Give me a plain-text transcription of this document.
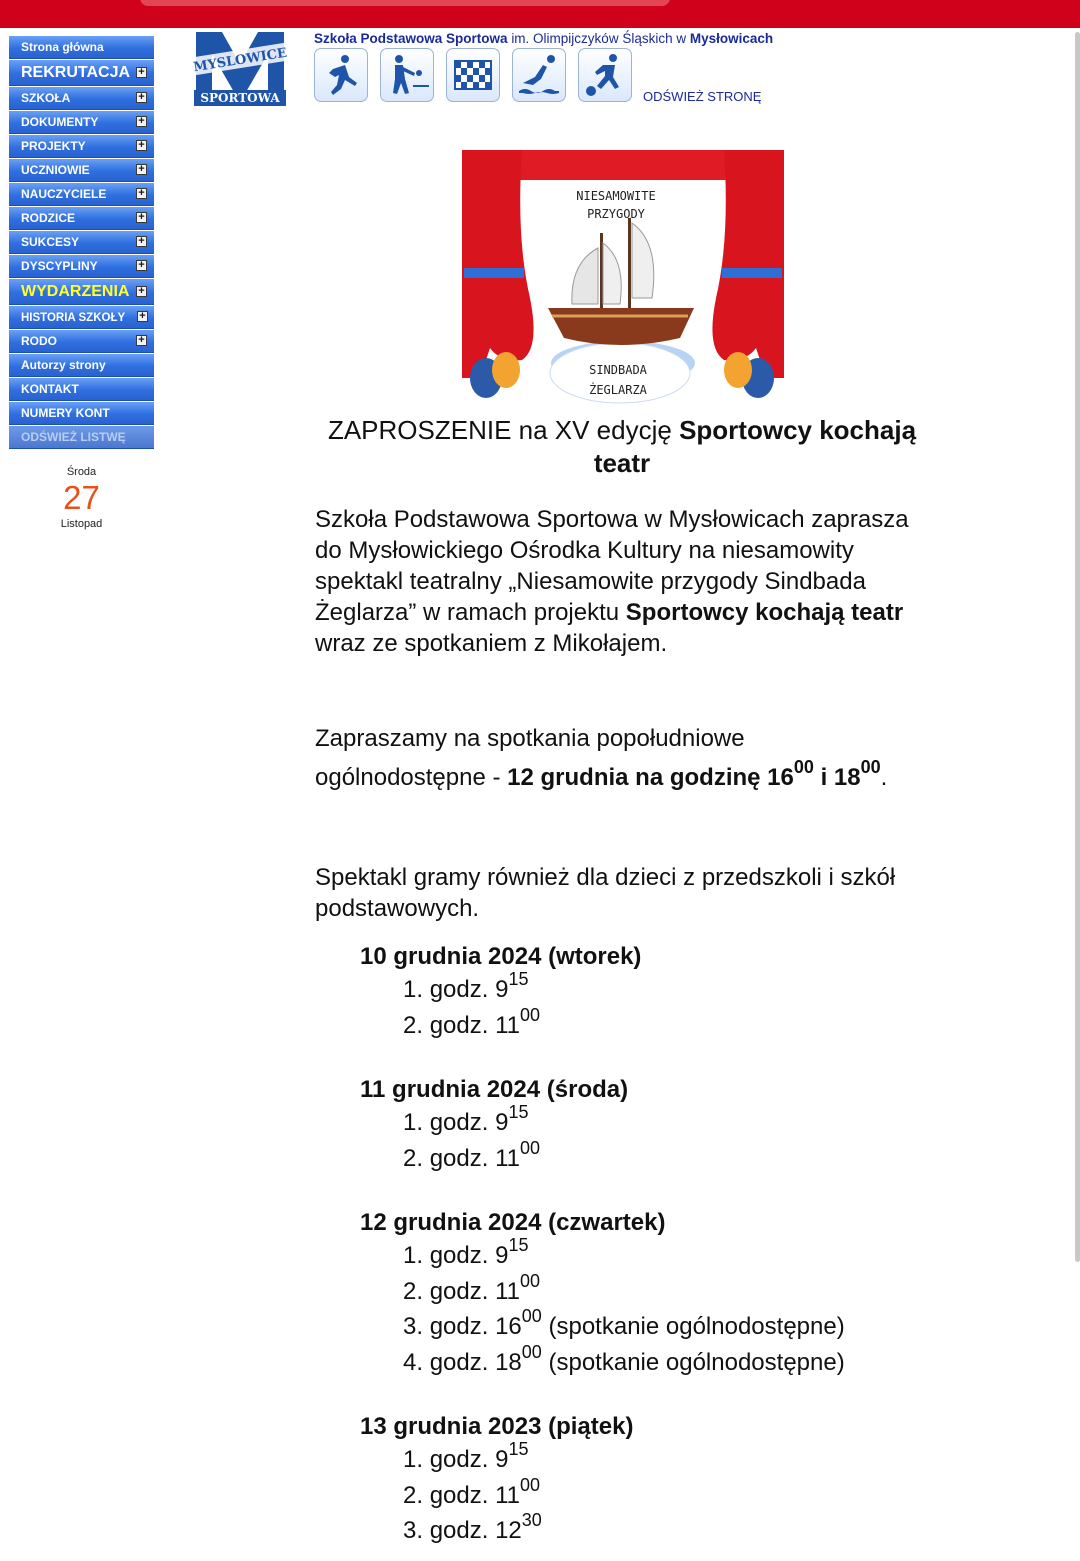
Strona główna
REKRUTACJA +
SZKOŁA	+
DOKUMENTY	+
PROJEKTY	+
UCZNIOWIE	+
NAUCZYCIELE	+
RODZICE	+
SUKCESY	+
DYSCYPLINY	+
WYDARZENIA +
HISTORIA SZKOŁY +
RODO	+
Autorzy strony
KONTAKT
NUMERY KONT
ODŚWIEŻ LISTWĘ
Środa
27
Listopad
MYSLOWICE
SPORTOWA
Szkoła Podstawowa Sportowa im. Olimpijczyków Śląskich w Mysłowicach
ODŚWIEŻ STRONĘ
NIESAMOWITE
PRZYGODY
SINDBADA
ŻEGLARZA
ZAPROSZENIE na XV edycję Sportowcy kochają teatr

Szkoła Podstawowa Sportowa w Mysłowicach zaprasza do Mysłowickiego Ośrodka Kultury na niesamowity spektakl teatralny „Niesamowite przygody Sindbada Żeglarza” w ramach projektu Sportowcy kochają teatr wraz ze spotkaniem z Mikołajem.

Zapraszamy na spotkania popołudniowe ogólnodostępne - 12 grudnia na godzinę $16^{00}$ i $18^{00}$.

Spektakl gramy również dla dzieci z przedszkoli i szkół podstawowych.

10 grudnia 2024 (wtorek)

1. godz. $9^{15}$
2. godz. $11^{00}$

11 grudnia 2024 (środa)

1. godz. $9^{15}$
2. godz. $11^{00}$

12 grudnia 2024 (czwartek)

1. godz. $9^{15}$
2. godz. $11^{00}$
3. godz. $16^{00}$ (spotkanie ogólnodostępne)
4. godz. $18^{00}$ (spotkanie ogólnodostępne)

13 grudnia 2023 (piątek)

1. godz. $9^{15}$
2. godz. $11^{00}$
3. godz. $12^{30}$
